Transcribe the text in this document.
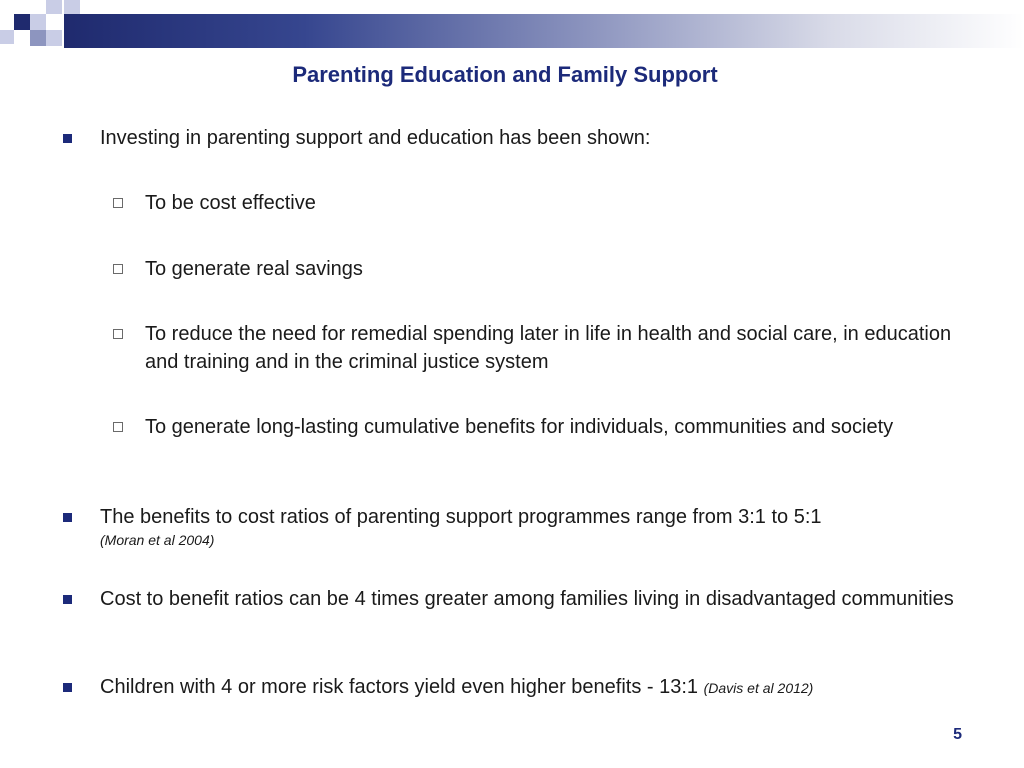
Parenting Education and Family Support
Investing in parenting support and education has been shown:
To be cost effective
To generate real savings
To reduce the need for remedial spending later in life in health and social care, in education and training and in the criminal justice system
To generate long-lasting cumulative benefits for individuals, communities and society
The benefits to cost ratios of parenting support programmes range from 3:1 to 5:1
(Moran et al 2004)
Cost to benefit ratios can be 4 times greater among families living in disadvantaged communities
Children with 4 or more risk factors yield even higher benefits - 13:1 (Davis et al 2012)
5
